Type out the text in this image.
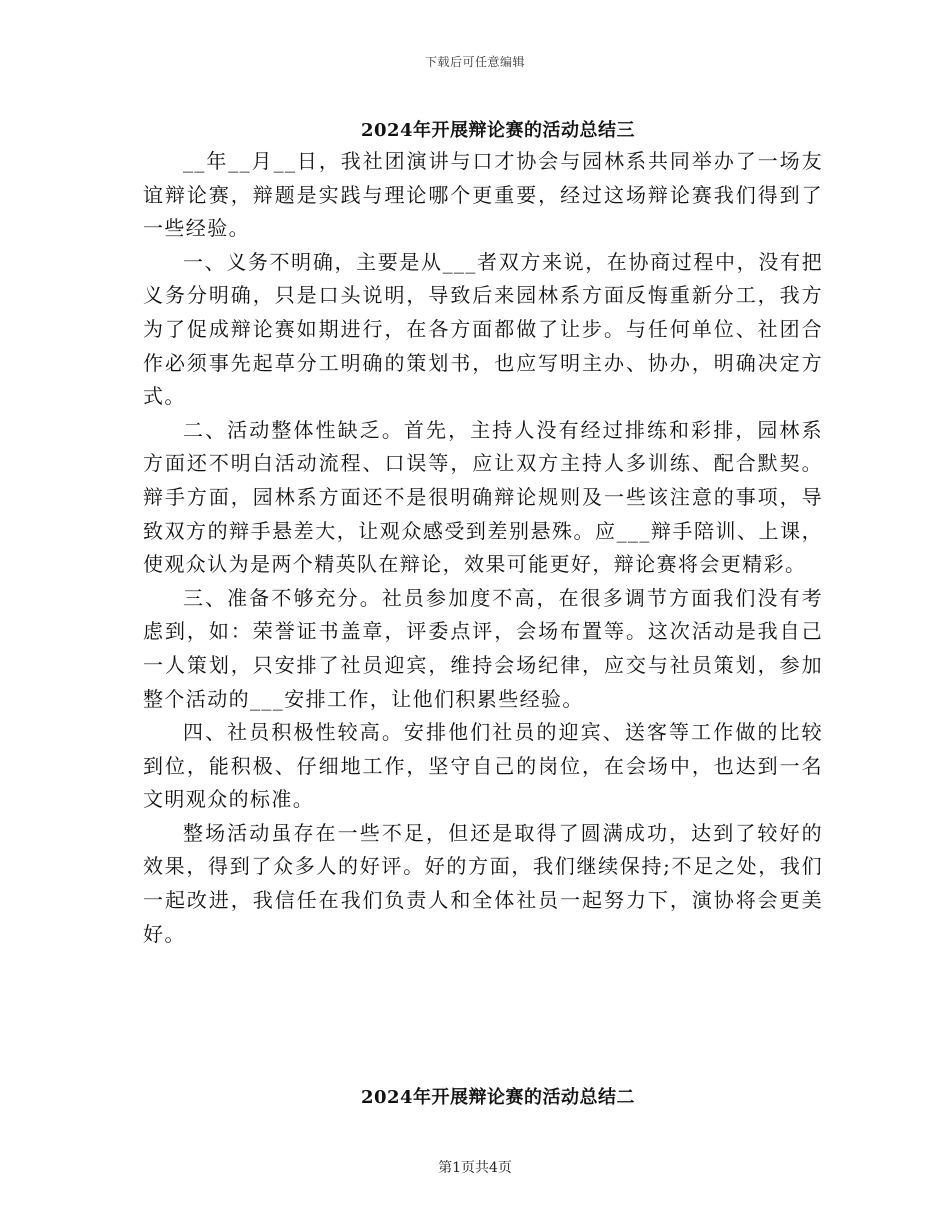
下载后可任意编辑
2024年开展辩论赛的活动总结三

__年__月__日，我社团演讲与口才协会与园林系共同举办了一场友谊辩论赛，辩题是实践与理论哪个更重要，经过这场辩论赛我们得到了一些经验。

一、义务不明确，主要是从___者双方来说，在协商过程中，没有把义务分明确，只是口头说明，导致后来园林系方面反悔重新分工，我方为了促成辩论赛如期进行，在各方面都做了让步。与任何单位、社团合作必须事先起草分工明确的策划书，也应写明主办、协办，明确决定方式。

二、活动整体性缺乏。首先，主持人没有经过排练和彩排，园林系方面还不明白活动流程、口误等，应让双方主持人多训练、配合默契。辩手方面，园林系方面还不是很明确辩论规则及一些该注意的事项，导致双方的辩手悬差大，让观众感受到差别悬殊。应___辩手陪训、上课，使观众认为是两个精英队在辩论，效果可能更好，辩论赛将会更精彩。

三、准备不够充分。社员参加度不高，在很多调节方面我们没有考虑到，如：荣誉证书盖章，评委点评，会场布置等。这次活动是我自己一人策划，只安排了社员迎宾，维持会场纪律，应交与社员策划，参加整个活动的___安排工作，让他们积累些经验。

四、社员积极性较高。安排他们社员的迎宾、送客等工作做的比较到位，能积极、仔细地工作，坚守自己的岗位，在会场中，也达到一名文明观众的标准。

整场活动虽存在一些不足，但还是取得了圆满成功，达到了较好的效果，得到了众多人的好评。好的方面，我们继续保持;不足之处，我们一起改进，我信任在我们负责人和全体社员一起努力下，演协将会更美好。

2024年开展辩论赛的活动总结二
第1页共4页
